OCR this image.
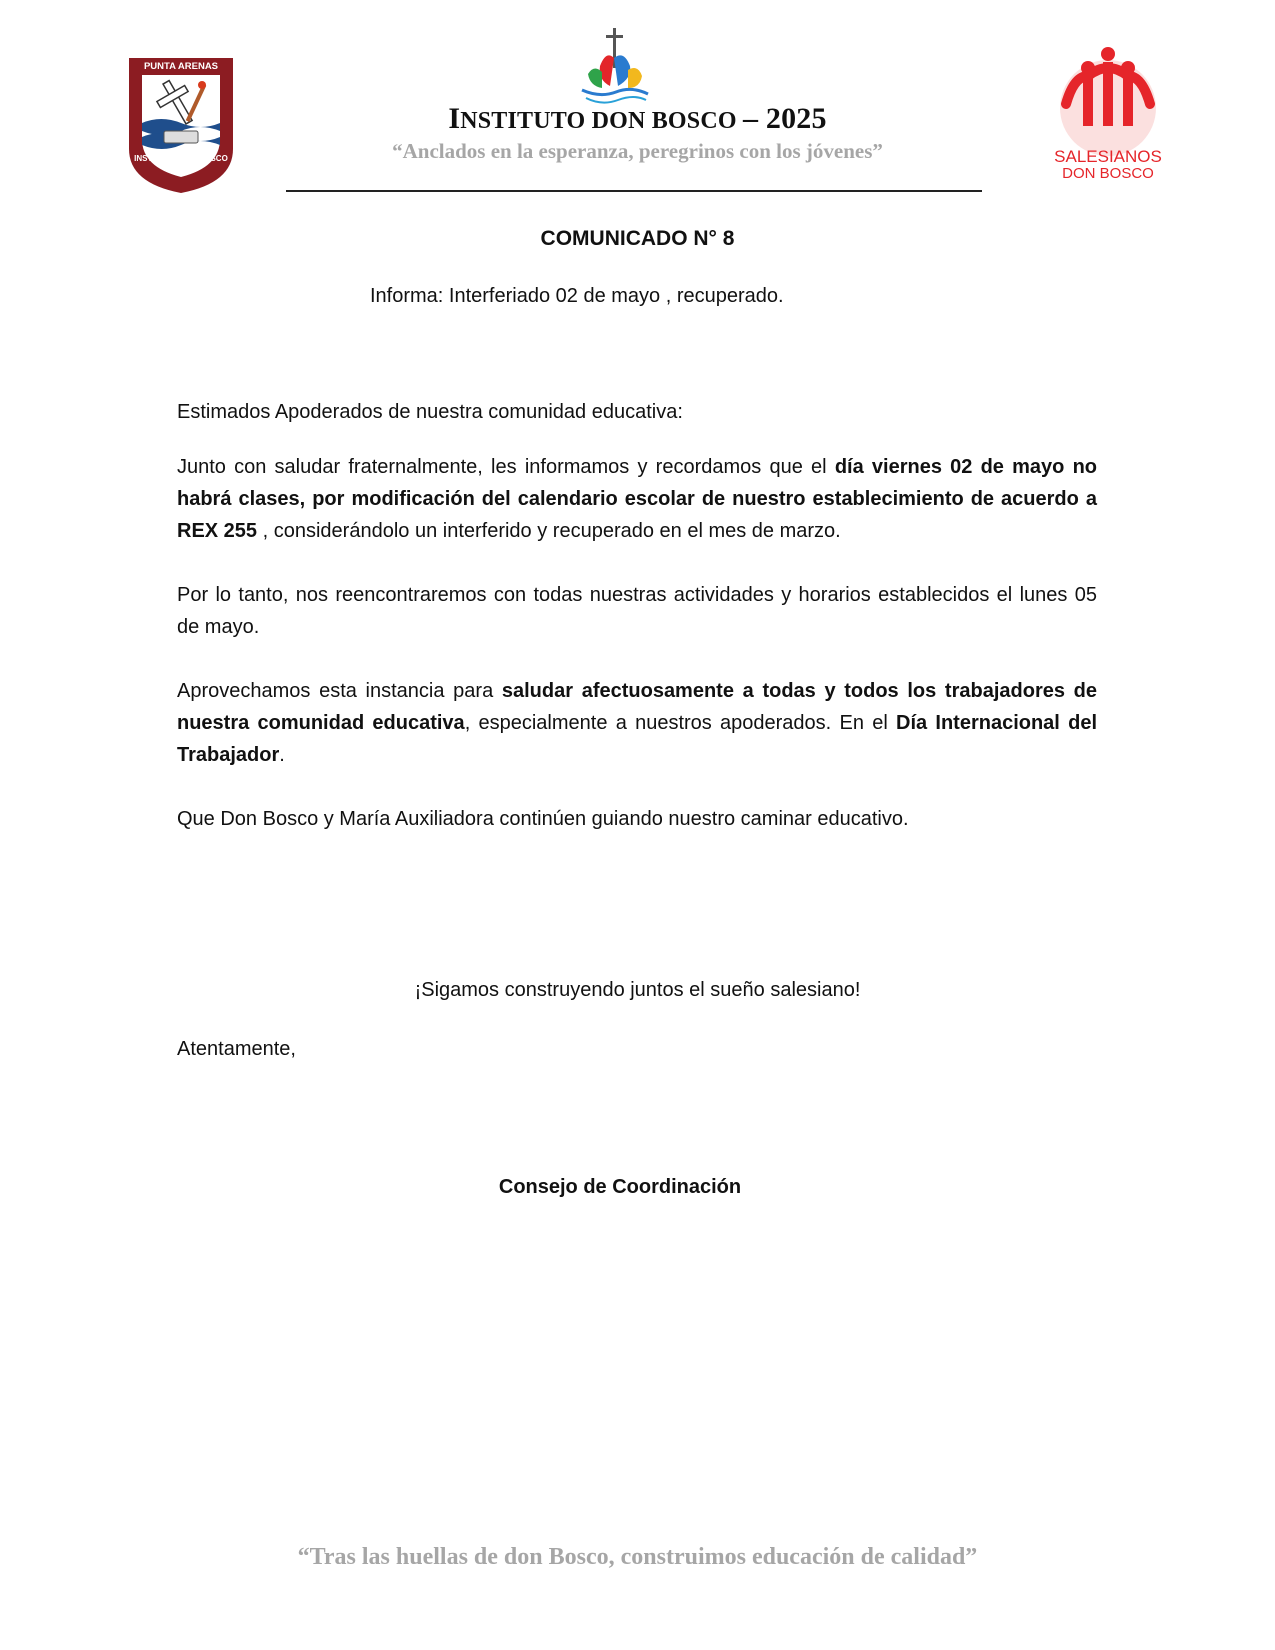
PUNTA ARENAS
INSTITUTO DON BOSCO	SALESIANOS
DON BOSCO
INSTITUTO DON BOSCO – 2025
“Anclados en la esperanza, peregrinos con los jóvenes”
COMUNICADO N° 8
Informa: Interferiado 02 de mayo , recuperado.
Estimados Apoderados de nuestra comunidad educativa:
Junto con saludar fraternalmente, les informamos y recordamos que el día viernes 02 de mayo no habrá clases, por modificación del calendario escolar de nuestro establecimiento de acuerdo a REX 255 , considerándolo un interferido y recuperado en el mes de marzo.
Por lo tanto, nos reencontraremos con todas nuestras actividades y horarios establecidos el lunes 05 de mayo.
Aprovechamos esta instancia para saludar afectuosamente a todas y todos los trabajadores de nuestra comunidad educativa, especialmente a nuestros apoderados. En el Día Internacional del Trabajador.
Que Don Bosco y María Auxiliadora continúen guiando nuestro caminar educativo.
¡Sigamos construyendo juntos el sueño salesiano!
Atentamente,
Consejo de Coordinación
“Tras las huellas de don Bosco, construimos educación de calidad”
